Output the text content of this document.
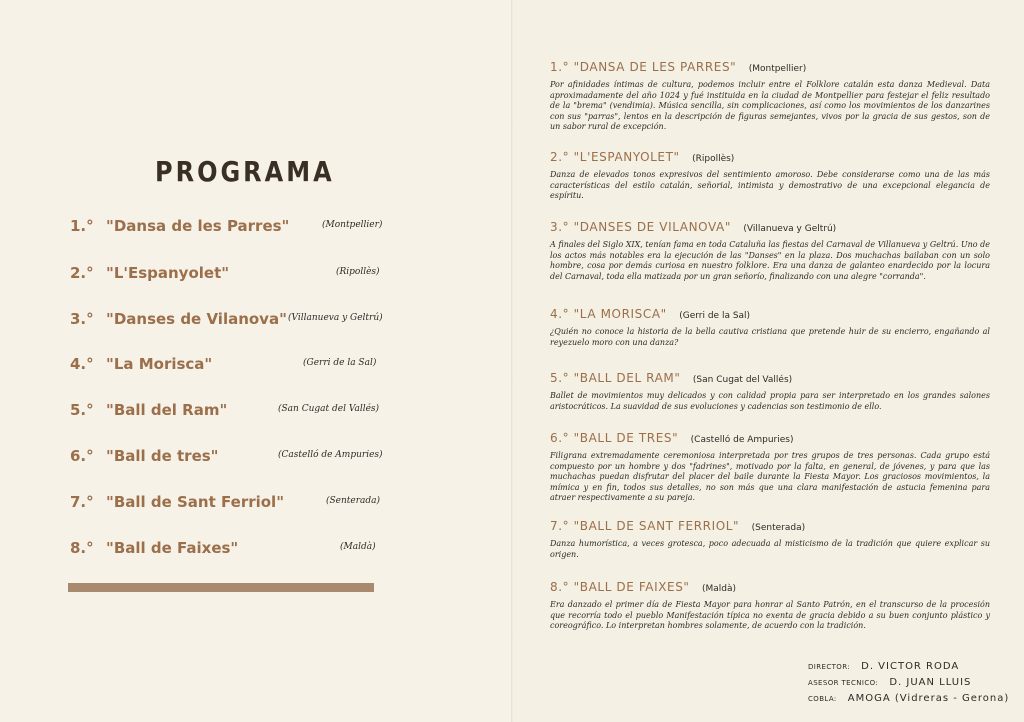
PROGRAMA
1.° "Dansa de les Parres"	(Montpellier)
2.° "L'Espanyolet"	(Ripollès)
3.° "Danses de Vilanova" (Villanueva y Geltrú)
4.° "La Morisca"	(Gerri de la Sal)
5.° "Ball del Ram"	(San Cugat del Vallés)
6.° "Ball de tres"	(Castelló de Ampuries)
7.° "Ball de Sant Ferriol"	(Senterada)
8.° "Ball de Faixes"	(Maldà)
1.° "DANSA DE LES PARRES" (Montpellier)
Por afinidades íntimas de cultura, podemos incluir entre el Folklore catalán esta danza Medieval. Data aproximadamente del año 1024 y fué instituida en la ciudad de Montpellier para festejar el feliz resultado de la "brema" (vendimia). Música sencilla, sin complicaciones, así como los movimientos de los danzarines con sus "parras", lentos en la descripción de figuras semejantes, vivos por la gracia de sus gestos, son de un sabor rural de excepción.
2.° "L'ESPANYOLET" (Ripollès)
Danza de elevados tonos expresivos del sentimiento amoroso. Debe considerarse como una de las más características del estilo catalán, señorial, intimista y demostrativo de una excepcional elegancia de espíritu.
3.° "DANSES DE VILANOVA" (Villanueva y Geltrú)
A finales del Siglo XIX, tenían fama en toda Cataluña las fiestas del Carnaval de Villanueva y Geltrú. Uno de los actos más notables era la ejecución de las "Danses" en la plaza. Dos muchachas bailaban con un solo hombre, cosa por demás curiosa en nuestro folklore. Era una danza de galanteo enardecido por la locura del Carnaval, toda ella matizada por un gran señorío, finalizando con una alegre "corranda".
4.° "LA MORISCA" (Gerri de la Sal)
¿Quién no conoce la historia de la bella cautiva cristiana que pretende huir de su encierro, engañando al reyezuelo moro con una danza?
5.° "BALL DEL RAM" (San Cugat del Vallés)
Ballet de movimientos muy delicados y con calidad propia para ser interpretado en los grandes salones aristocráticos. La suavidad de sus evoluciones y cadencias son testimonio de ello.
6.° "BALL DE TRES" (Castelló de Ampuries)
Filigrana extremadamente ceremoniosa interpretada por tres grupos de tres personas. Cada grupo está compuesto por un hombre y dos "fadrines", motivado por la falta, en general, de jóvenes, y para que las muchachas puedan disfrutar del placer del baile durante la Fiesta Mayor. Los graciosos movimientos, la mímica y en fin, todos sus detalles, no son más que una clara manifestación de astucia femenina para atraer respectivamente a su pareja.
7.° "BALL DE SANT FERRIOL" (Senterada)
Danza humorística, a veces grotesca, poco adecuada al misticismo de la tradición que quiere explicar su origen.
8.° "BALL DE FAIXES" (Maldà)
Era danzado el primer día de Fiesta Mayor para honrar al Santo Patrón, en el transcurso de la procesión que recorría todo el pueblo Manifestación típica no exenta de gracia debido a su buen conjunto plástico y coreográfico. Lo interpretan hombres solamente, de acuerdo con la tradición.
DIRECTOR: D. VICTOR RODA
ASESOR TECNICO: D. JUAN LLUIS
COBLA: AMOGA (Vidreras - Gerona)
